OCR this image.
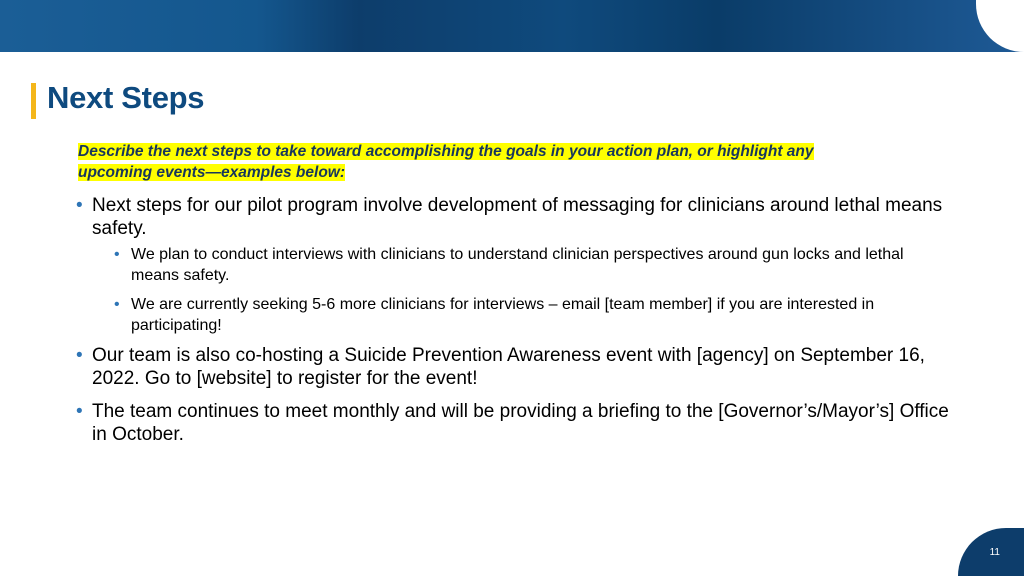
Next Steps
Describe the next steps to take toward accomplishing the goals in your action plan, or highlight any
upcoming events—examples below:
• Next steps for our pilot program involve development of messaging for clinicians around lethal means safety.
• We plan to conduct interviews with clinicians to understand clinician perspectives around gun locks and lethal means safety.
• We are currently seeking 5-6 more clinicians for interviews – email [team member] if you are interested in participating!
• Our team is also co-hosting a Suicide Prevention Awareness event with [agency] on September 16, 2022. Go to [website] to register for the event!
• The team continues to meet monthly and will be providing a briefing to the [Governor’s/Mayor’s] Office in October.
11
